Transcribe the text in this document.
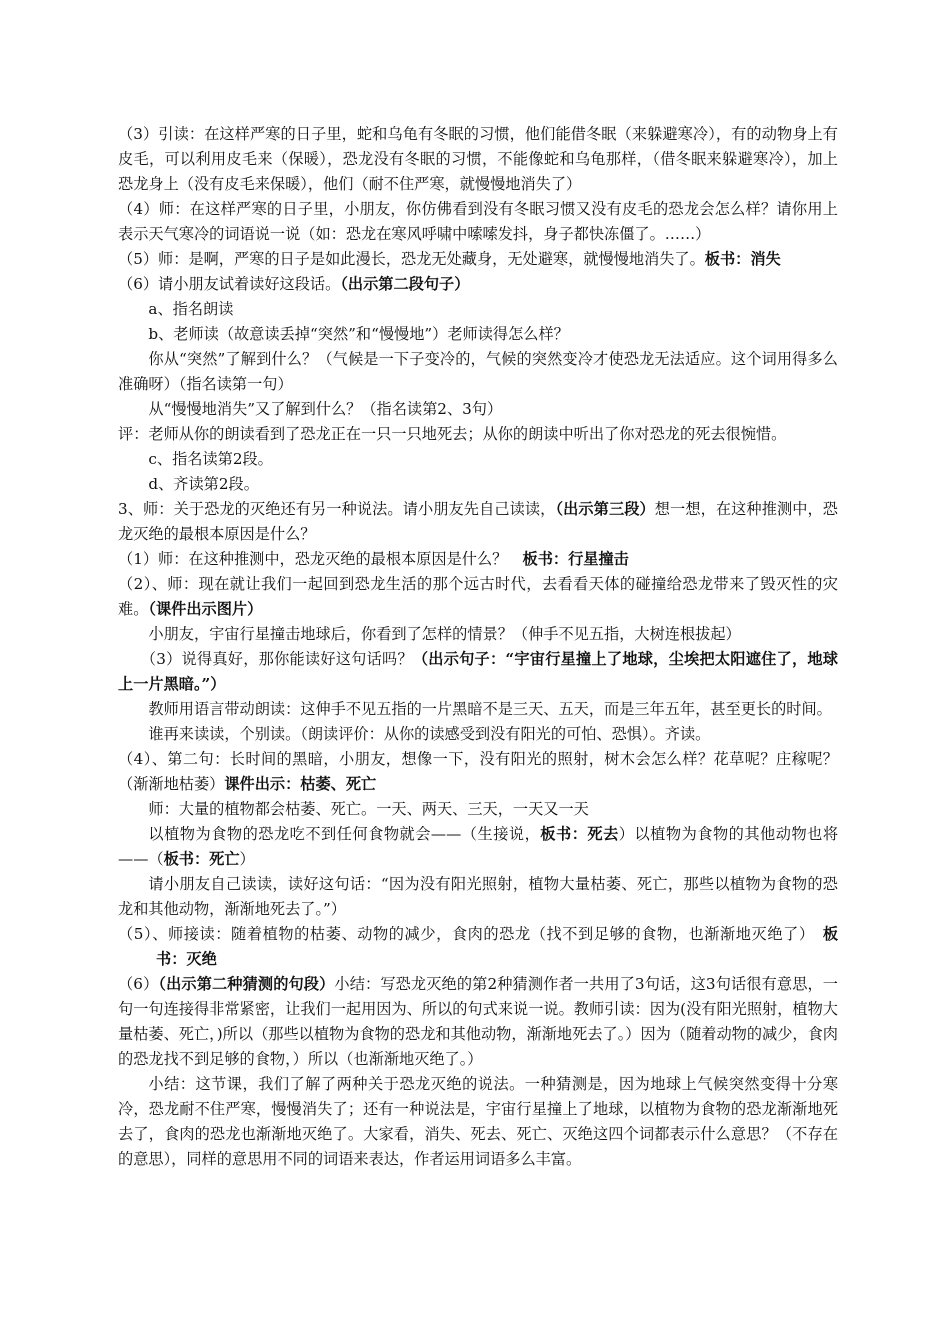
（3）引读：在这样严寒的日子里，蛇和乌龟有冬眠的习惯，他们能借冬眠（来躲避寒冷），有的动物身上有皮毛，可以利用皮毛来（保暖），恐龙没有冬眠的习惯，不能像蛇和乌龟那样，（借冬眠来躲避寒冷），加上恐龙身上（没有皮毛来保暖），他们（耐不住严寒，就慢慢地消失了）

（4）师：在这样严寒的日子里，小朋友，你仿佛看到没有冬眠习惯又没有皮毛的恐龙会怎么样？请你用上表示天气寒冷的词语说一说（如：恐龙在寒风呼啸中嗦嗦发抖，身子都快冻僵了。……）

（5）师：是啊，严寒的日子是如此漫长，恐龙无处藏身，无处避寒，就慢慢地消失了。板书：消失

（6）请小朋友试着读好这段话。（出示第二段句子）

a、指名朗读

b、老师读（故意读丢掉“突然”和“慢慢地”）老师读得怎么样？

你从“突然”了解到什么？（气候是一下子变冷的，气候的突然变冷才使恐龙无法适应。这个词用得多么准确呀）（指名读第一句）

从“慢慢地消失”又了解到什么？（指名读第2、3句）

评：老师从你的朗读看到了恐龙正在一只一只地死去；从你的朗读中听出了你对恐龙的死去很惋惜。

c、指名读第2段。

d、齐读第2段。

3、师：关于恐龙的灭绝还有另一种说法。请小朋友先自己读读，（出示第三段）想一想，在这种推测中，恐龙灭绝的最根本原因是什么？

（1）师：在这种推测中，恐龙灭绝的最根本原因是什么？　板书：行星撞击

（2）、师：现在就让我们一起回到恐龙生活的那个远古时代，去看看天体的碰撞给恐龙带来了毁灭性的灾难。（课件出示图片）

小朋友，宇宙行星撞击地球后，你看到了怎样的情景？（伸手不见五指，大树连根拔起）

（3）说得真好，那你能读好这句话吗？（出示句子：“宇宙行星撞上了地球，尘埃把太阳遮住了，地球上一片黑暗。”）

教师用语言带动朗读：这伸手不见五指的一片黑暗不是三天、五天，而是三年五年，甚至更长的时间。

谁再来读读，个别读。（朗读评价：从你的读感受到没有阳光的可怕、恐惧）。齐读。

（4）、第二句：长时间的黑暗，小朋友，想像一下，没有阳光的照射，树木会怎么样？花草呢？庄稼呢？（渐渐地枯萎）课件出示：枯萎、死亡

师：大量的植物都会枯萎、死亡。一天、两天、三天，一天又一天

以植物为食物的恐龙吃不到任何食物就会——（生接说，板书：死去）以植物为食物的其他动物也将——（板书：死亡）

请小朋友自己读读，读好这句话：“因为没有阳光照射，植物大量枯萎、死亡，那些以植物为食物的恐龙和其他动物，渐渐地死去了。”）

（5）、师接读：随着植物的枯萎、动物的减少，食肉的恐龙（找不到足够的食物，也渐渐地灭绝了）　 板书：灭绝

（6）（出示第二种猜测的句段）小结：写恐龙灭绝的第2种猜测作者一共用了3句话，这3句话很有意思，一句一句连接得非常紧密，让我们一起用因为、所以的句式来说一说。教师引读：因为(没有阳光照射，植物大量枯萎、死亡，)所以（那些以植物为食物的恐龙和其他动物，渐渐地死去了。）因为（随着动物的减少，食肉的恐龙找不到足够的食物，）所以（也渐渐地灭绝了。）

小结：这节课，我们了解了两种关于恐龙灭绝的说法。一种猜测是，因为地球上气候突然变得十分寒冷，恐龙耐不住严寒，慢慢消失了；还有一种说法是，宇宙行星撞上了地球，以植物为食物的恐龙渐渐地死去了，食肉的恐龙也渐渐地灭绝了。大家看，消失、死去、死亡、灭绝这四个词都表示什么意思？（不存在的意思），同样的意思用不同的词语来表达，作者运用词语多么丰富。
